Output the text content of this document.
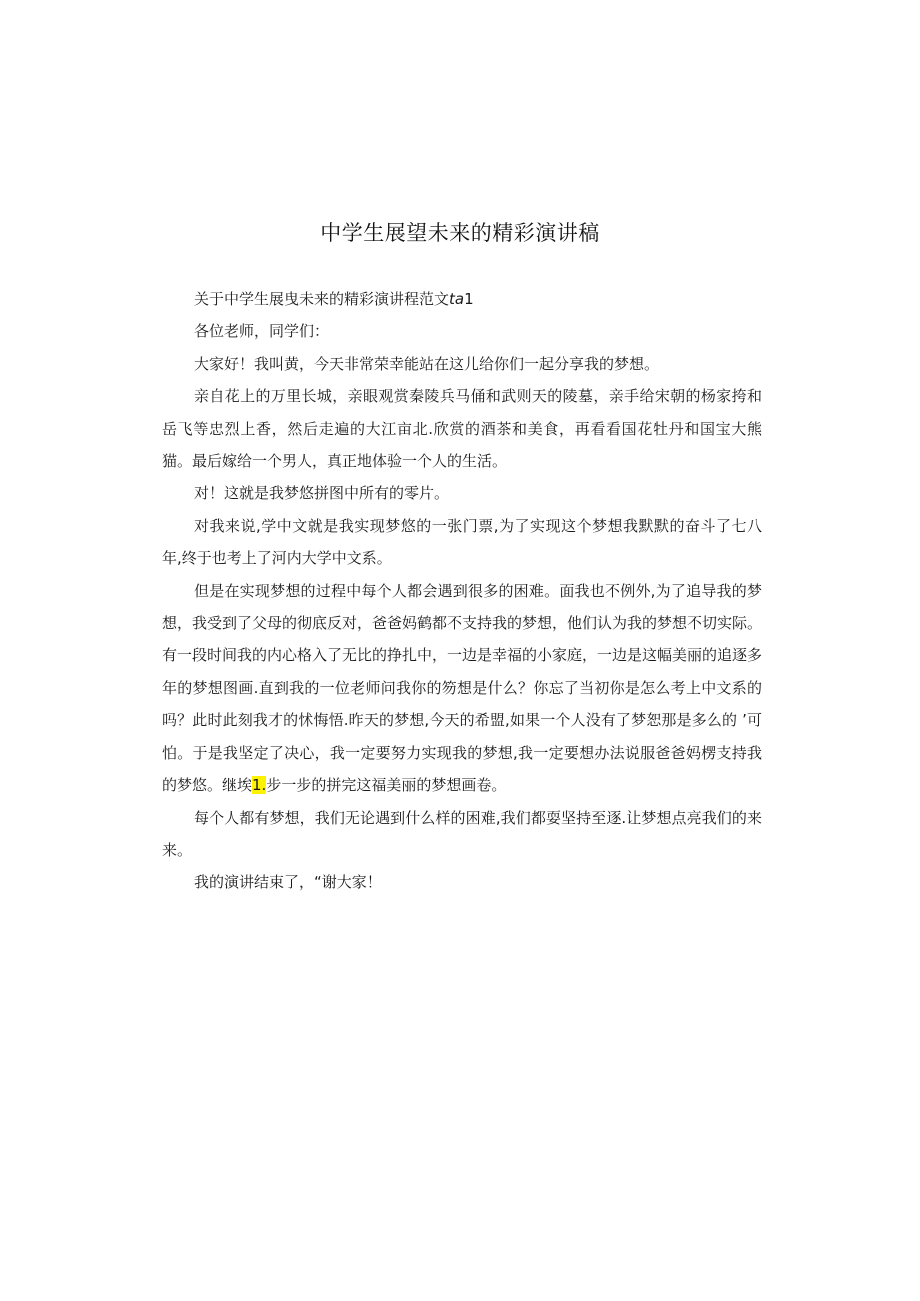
中学生展望未来的精彩演讲稿

关于中学生展曳未来的精彩演讲程范文ta1

各位老师，同学们：

大家好！我叫黄，今天非常荣幸能站在这儿给你们一起分享我的梦想。

亲自花上的万里长城，亲眼观赏秦陵兵马俑和武则天的陵墓，亲手给宋朝的杨家挎和岳飞等忠烈上香，然后走遍的大江亩北.欣赏的酒茶和美食，再看看国花牡丹和国宝大熊猫。最后嫁给一个男人，真正地体验一个人的生活。

对！这就是我梦悠拼图中所有的零片。

对我来说,学中文就是我实现梦悠的一张门票,为了实现这个梦想我默默的奋斗了七八年,终于也考上了河内大学中文系。

但是在实现梦想的过程中每个人都会遇到很多的困难。面我也不例外,为了追导我的梦想，我受到了父母的彻底反对，爸爸妈鹤都不支持我的梦想，他们认为我的梦想不切实际。有一段时间我的内心格入了无比的挣扎中，一边是幸福的小家庭，一边是这幅美丽的追逐多年的梦想图画.直到我的一位老师问我你的笏想是什么？你忘了当初你是怎么考上中文系的吗？此时此刻我才的怵悔悟.昨天的梦想,今天的希盟,如果一个人没有了梦恕那是多么的 ’可怕。于是我坚定了决心，我一定要努力实现我的梦想,我一定要想办法说服爸爸妈楞支持我的梦悠。继埃1.步一步的拼完这福美丽的梦想画卷。

每个人都有梦想，我们无论遇到什么样的困难,我们都耍坚持至逐.让梦想点亮我们的来来。

我的演讲结束了，“谢大家！
